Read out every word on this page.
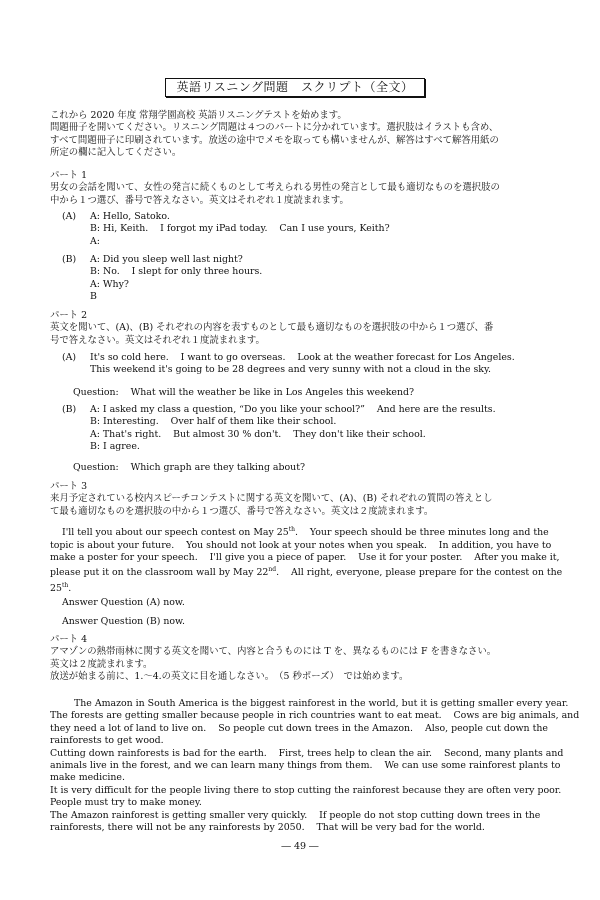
英語リスニング問題　スクリプト（全文）
これから 2020 年度 常翔学園高校 英語リスニングテストを始めます。
問題冊子を開いてください。リスニング問題は４つのパートに分かれています。選択肢はイラストも含め、
すべて問題冊子に印刷されています。放送の途中でメモを取っても構いませんが、解答はすべて解答用紙の
所定の欄に記入してください。
パート 1
男女の会話を聞いて、女性の発言に続くものとして考えられる男性の発言として最も適切なものを選択肢の
中から１つ選び、番号で答えなさい。英文はそれぞれ１度読まれます。
(A) A: Hello, Satoko.
B: Hi, Keith.    I forgot my iPad today.    Can I use yours, Keith?
A:
(B) A: Did you sleep well last night?
B: No.    I slept for only three hours.
A: Why?
B
パート 2
英文を聞いて、(A)、(B) それぞれの内容を表すものとして最も適切なものを選択肢の中から１つ選び、番
号で答えなさい。英文はそれぞれ１度読まれます。
(A) It's so cold here.    I want to go overseas.    Look at the weather forecast for Los Angeles.
This weekend it's going to be 28 degrees and very sunny with not a cloud in the sky.
Question:    What will the weather be like in Los Angeles this weekend?
(B) A: I asked my class a question, “Do you like your school?”    And here are the results.
B: Interesting.    Over half of them like their school.
A: That's right.    But almost 30 % don't.    They don't like their school.
B: I agree.
Question:    Which graph are they talking about?
パート 3
来月予定されている校内スピーチコンテストに関する英文を聞いて、(A)、(B) それぞれの質問の答えとし
て最も適切なものを選択肢の中から１つ選び、番号で答えなさい。英文は２度読まれます。
I'll tell you about our speech contest on May 25th.    Your speech should be three minutes long and the
topic is about your future.    You should not look at your notes when you speak.    In addition, you have to
make a poster for your speech.    I'll give you a piece of paper.    Use it for your poster.    After you make it,
please put it on the classroom wall by May 22nd.    All right, everyone, please prepare for the contest on the
25th.
Answer Question (A) now.
Answer Question (B) now.
パート 4
アマゾンの熱帯雨林に関する英文を聞いて、内容と合うものには T を、異なるものには F を書きなさい。
英文は２度読まれます。
放送が始まる前に、1.〜4.の英文に目を通しなさい。　（5 秒ポーズ）　では始めます。
The Amazon in South America is the biggest rainforest in the world, but it is getting smaller every year.
The forests are getting smaller because people in rich countries want to eat meat.    Cows are big animals, and
they need a lot of land to live on.    So people cut down trees in the Amazon.    Also, people cut down the
rainforests to get wood.
Cutting down rainforests is bad for the earth.    First, trees help to clean the air.    Second, many plants and
animals live in the forest, and we can learn many things from them.    We can use some rainforest plants to
make medicine.
It is very difficult for the people living there to stop cutting the rainforest because they are often very poor.
People must try to make money.
The Amazon rainforest is getting smaller very quickly.    If people do not stop cutting down trees in the
rainforests, there will not be any rainforests by 2050.    That will be very bad for the world.
― 49 ―
